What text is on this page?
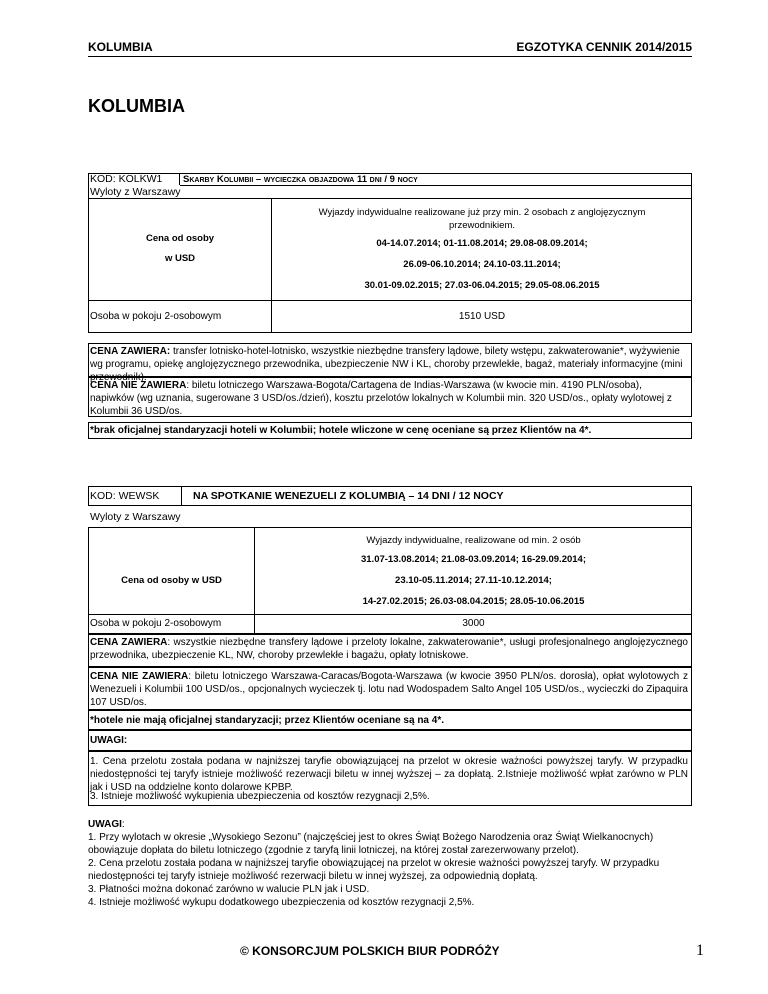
KOLUMBIA	EGZOTYKA CENNIK 2014/2015
KOLUMBIA
KOD: KOLKW1 Skarby Kolumbii – wycieczka objazdowa 11 dni / 9 nocy
Wyloty z Warszawy
Wyjazdy indywidualne realizowane już przy min. 2 osobach z anglojęzycznym przewodnikiem.
Cena od osoby
w USD
04-14.07.2014; 01-11.08.2014; 29.08-08.09.2014;
26.09-06.10.2014; 24.10-03.11.2014;
30.01-09.02.2015; 27.03-06.04.2015; 29.05-08.06.2015
Osoba w pokoju 2-osobowym	1510 USD
CENA ZAWIERA: transfer lotnisko-hotel-lotnisko, wszystkie niezbędne transfery lądowe, bilety wstępu, zakwaterowanie*, wyżywienie wg programu, opiekę anglojęzycznego przewodnika, ubezpieczenie NW i KL, choroby przewlekłe, bagaż, materiały informacyjne (mini przewodnik).
CENA NIE ZAWIERA: biletu lotniczego Warszawa-Bogota/Cartagena de Indias-Warszawa (w kwocie min. 4190 PLN/osoba), napiwków (wg uznania, sugerowane 3 USD/os./dzień), kosztu przelotów lokalnych w Kolumbii min. 320 USD/os., opłaty wylotowej z Kolumbii 36 USD/os.
*brak oficjalnej standaryzacji hoteli w Kolumbii; hotele wliczone w cenę oceniane są przez Klientów na 4*.
KOD: WEWSK	NA SPOTKANIE WENEZUELI Z KOLUMBIĄ – 14 DNI / 12 NOCY
Wyloty z Warszawy
Wyjazdy indywidualne, realizowane od min. 2 osób
31.07-13.08.2014; 21.08-03.09.2014; 16-29.09.2014;
23.10-05.11.2014; 27.11-10.12.2014;
14-27.02.2015; 26.03-08.04.2015; 28.05-10.06.2015
Cena od osoby w USD
Osoba w pokoju 2-osobowym	3000
CENA ZAWIERA: wszystkie niezbędne transfery lądowe i przeloty lokalne, zakwaterowanie*, usługi profesjonalnego anglojęzycznego przewodnika, ubezpieczenie KL, NW, choroby przewlekłe i bagażu, opłaty lotniskowe.
CENA NIE ZAWIERA: biletu lotniczego Warszawa-Caracas/Bogota-Warszawa (w kwocie 3950 PLN/os. dorosła), opłat wylotowych z Wenezueli i Kolumbii 100 USD/os., opcjonalnych wycieczek tj. lotu nad Wodospadem Salto Angel 105 USD/os., wycieczki do Zipaquira 107 USD/os.
*hotele nie mają oficjalnej standaryzacji; przez Klientów oceniane są na 4*.
UWAGI:
1. Cena przelotu została podana w najniższej taryfie obowiązującej na przelot w okresie ważności powyższej taryfy. W przypadku niedostępności tej taryfy istnieje możliwość rezerwacji biletu w innej wyższej – za dopłatą. 2.Istnieje możliwość wpłat zarówno w PLN jak i USD na oddzielne konto dolarowe KPBP.
3. Istnieje możliwość wykupienia ubezpieczenia od kosztów rezygnacji 2,5%.
UWAGI:
1. Przy wylotach w okresie „Wysokiego Sezonu” (najczęściej jest to okres Świąt Bożego Narodzenia oraz Świąt Wielkanocnych) obowiązuje dopłata do biletu lotniczego (zgodnie z taryfą linii lotniczej, na której został zarezerwowany przelot).
2. Cena przelotu została podana w najniższej taryfie obowiązującej na przelot w okresie ważności powyższej taryfy. W przypadku niedostępności tej taryfy istnieje możliwość rezerwacji biletu w innej wyższej, za odpowiednią dopłatą.
3. Płatności można dokonać zarówno w walucie PLN jak i USD.
4. Istnieje możliwość wykupu dodatkowego ubezpieczenia od kosztów rezygnacji 2,5%.
© KONSORCJUM POLSKICH BIUR PODRÓŻY	1
